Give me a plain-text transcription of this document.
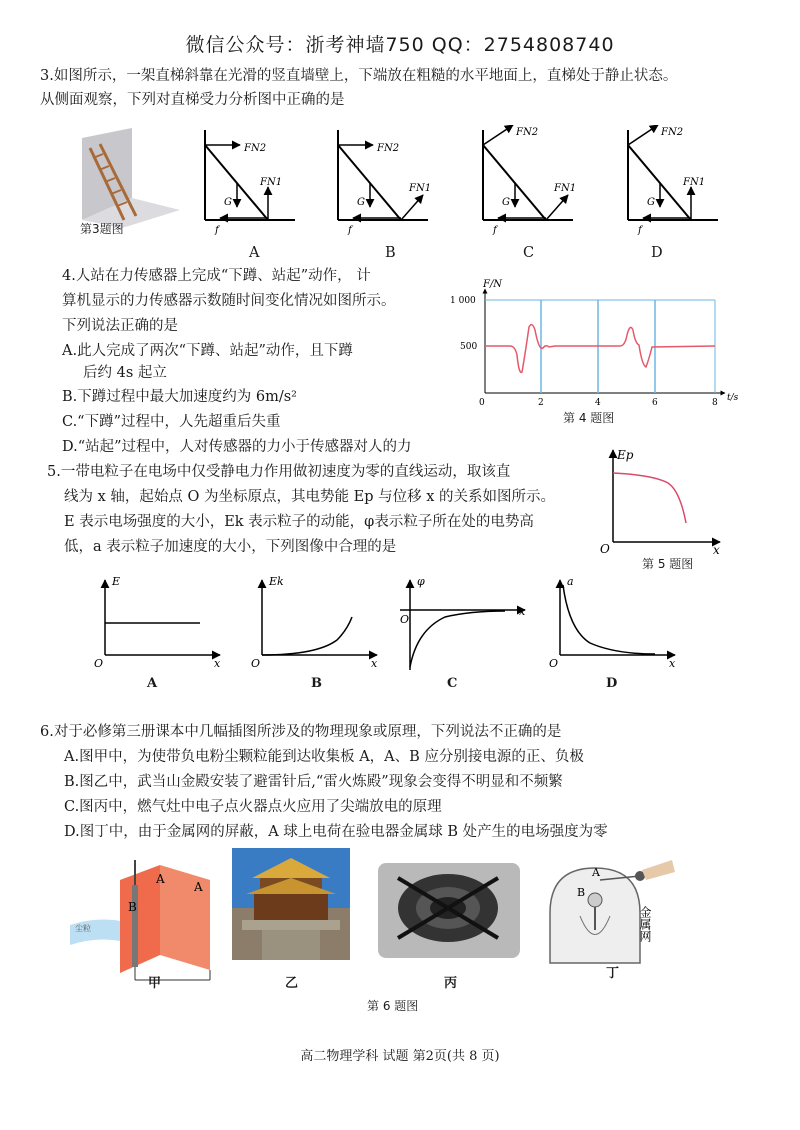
微信公众号：浙考神墙750 QQ：2754808740
3.如图所示，一架直梯斜靠在光滑的竖直墙壁上，下端放在粗糙的水平地面上，直梯处于静止状态。
从侧面观察，下列对直梯受力分析图中正确的是
第3题图
FN2
FN1
G
f
FN2
FN1
G
f
FN2
FN1
G
f
FN2
FN1
G
f
A	B	C	D
4.人站在力传感器上完成“下蹲、站起”动作， 计
算机显示的力传感器示数随时间变化情况如图所示。
下列说法正确的是
A.此人完成了两次“下蹲、站起”动作，且下蹲
后约 4s 起立
B.下蹲过程中最大加速度约为 6m/s²
C.“下蹲”过程中，人先超重后失重
D.“站起”过程中，人对传感器的力小于传感器对人的力
F/N
t/s
1 000
500
0	2	4	6	8
第 4 题图
5.一带电粒子在电场中仅受静电力作用做初速度为零的直线运动，取该直
线为 x 轴，起始点 O 为坐标原点，其电势能 Ep 与位移 x 的关系如图所示。
E 表示电场强度的大小，Ek 表示粒子的动能，φ表示粒子所在处的电势高
低，a 表示粒子加速度的大小，下列图像中合理的是
Ep
x
O
第 5 题图
E
x
O
Ek
x
O
φ
x
O
a
x
O
A	B	C	D
6.对于必修第三册课本中几幅插图所涉及的物理现象或原理，下列说法不正确的是
A.图甲中，为使带负电粉尘颗粒能到达收集板 A，A、B 应分别接电源的正、负极
B.图乙中，武当山金殿安装了避雷针后,“雷火炼殿”现象会变得不明显和不频繁
C.图丙中，燃气灶中电子点火器点火应用了尖端放电的原理
D.图丁中，由于金属网的屏蔽，A 球上电荷在验电器金属球 B 处产生的电场强度为零
A
A
B
尘粒
甲	乙	丙
A
B
金属网
丁
第 6 题图
高二物理学科 试题 第2页(共 8 页)
